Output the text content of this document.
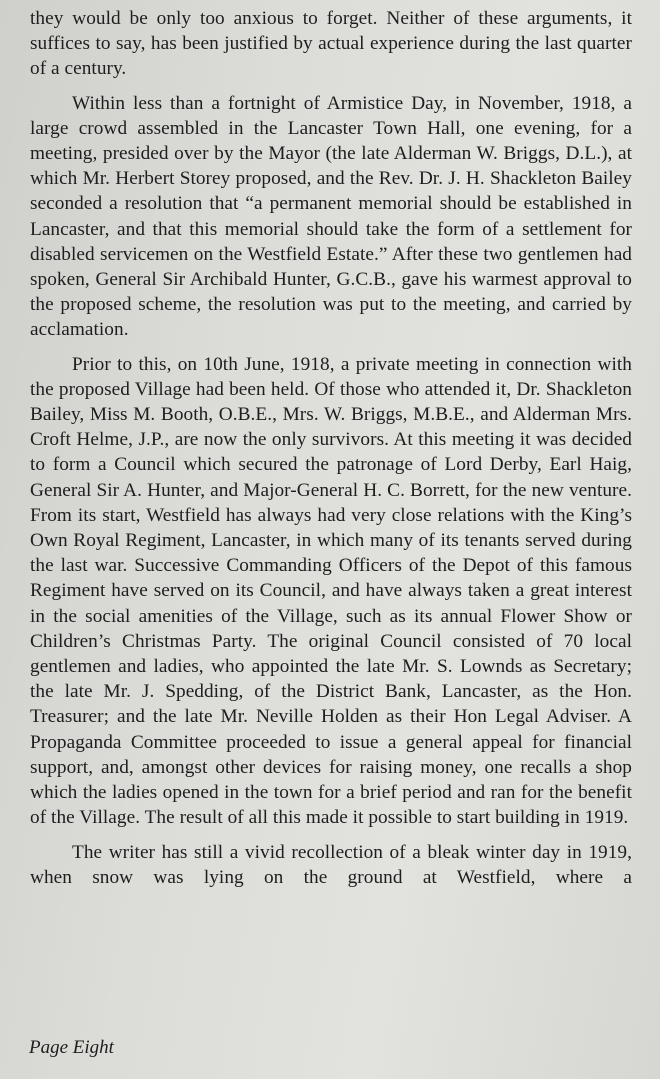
they would be only too anxious to forget. Neither of these arguments, it suffices to say, has been justified by actual experience during the last quarter of a century.

Within less than a fortnight of Armistice Day, in November, 1918, a large crowd assembled in the Lancaster Town Hall, one evening, for a meeting, presided over by the Mayor (the late Alderman W. Briggs, D.L.), at which Mr. Herbert Storey proposed, and the Rev. Dr. J. H. Shackleton Bailey seconded a resolution that “a permanent memorial should be established in Lancaster, and that this memorial should take the form of a settlement for disabled servicemen on the Westfield Estate.” After these two gentlemen had spoken, General Sir Archibald Hunter, G.C.B., gave his warmest approval to the proposed scheme, the resolution was put to the meeting, and carried by acclamation.

Prior to this, on 10th June, 1918, a private meeting in connection with the proposed Village had been held. Of those who attended it, Dr. Shackleton Bailey, Miss M. Booth, O.B.E., Mrs. W. Briggs, M.B.E., and Alderman Mrs. Croft Helme, J.P., are now the only survivors. At this meeting it was decided to form a Council which secured the patronage of Lord Derby, Earl Haig, General Sir A. Hunter, and Major-General H. C. Borrett, for the new venture. From its start, Westfield has always had very close relations with the King’s Own Royal Regiment, Lancaster, in which many of its tenants served during the last war. Successive Commanding Officers of the Depot of this famous Regiment have served on its Council, and have always taken a great interest in the social amenities of the Village, such as its annual Flower Show or Children’s Christmas Party. The original Council consisted of 70 local gentlemen and ladies, who appointed the late Mr. S. Lownds as Secretary; the late Mr. J. Spedding, of the District Bank, Lancaster, as the Hon. Treasurer; and the late Mr. Neville Holden as their Hon Legal Adviser. A Propaganda Committee proceeded to issue a general appeal for financial support, and, amongst other devices for raising money, one recalls a shop which the ladies opened in the town for a brief period and ran for the benefit of the Village. The result of all this made it possible to start building in 1919.

The writer has still a vivid recollection of a bleak winter day in 1919, when snow was lying on the ground at Westfield, where a

Page Eight
